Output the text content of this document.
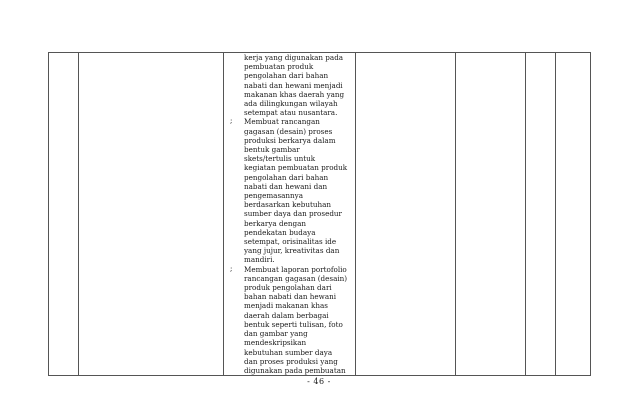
kerja yang digunakan pada
pembuatan produk
pengolahan dari bahan
nabati dan hewani menjadi
makanan khas daerah yang
ada dilingkungan wilayah
setempat atau nusantara.
; Membuat rancangan
gagasan (desain) proses
produksi berkarya dalam
bentuk gambar
skets/tertulis untuk
kegiatan pembuatan produk
pengolahan dari bahan
nabati dan hewani dan
pengemasannya
berdasarkan kebutuhan
sumber daya dan prosedur
berkarya dengan
pendekatan budaya
setempat, orisinalitas ide
yang jujur, kreativitas dan
mandiri.
; Membuat laporan portofolio
rancangan gagasan (desain)
produk pengolahan dari
bahan nabati dan hewani
menjadi makanan khas
daerah dalam berbagai
bentuk seperti tulisan, foto
dan gambar yang
mendeskripsikan
kebutuhan sumber daya
dan proses produksi yang
digunakan pada pembuatan

- 46 -
